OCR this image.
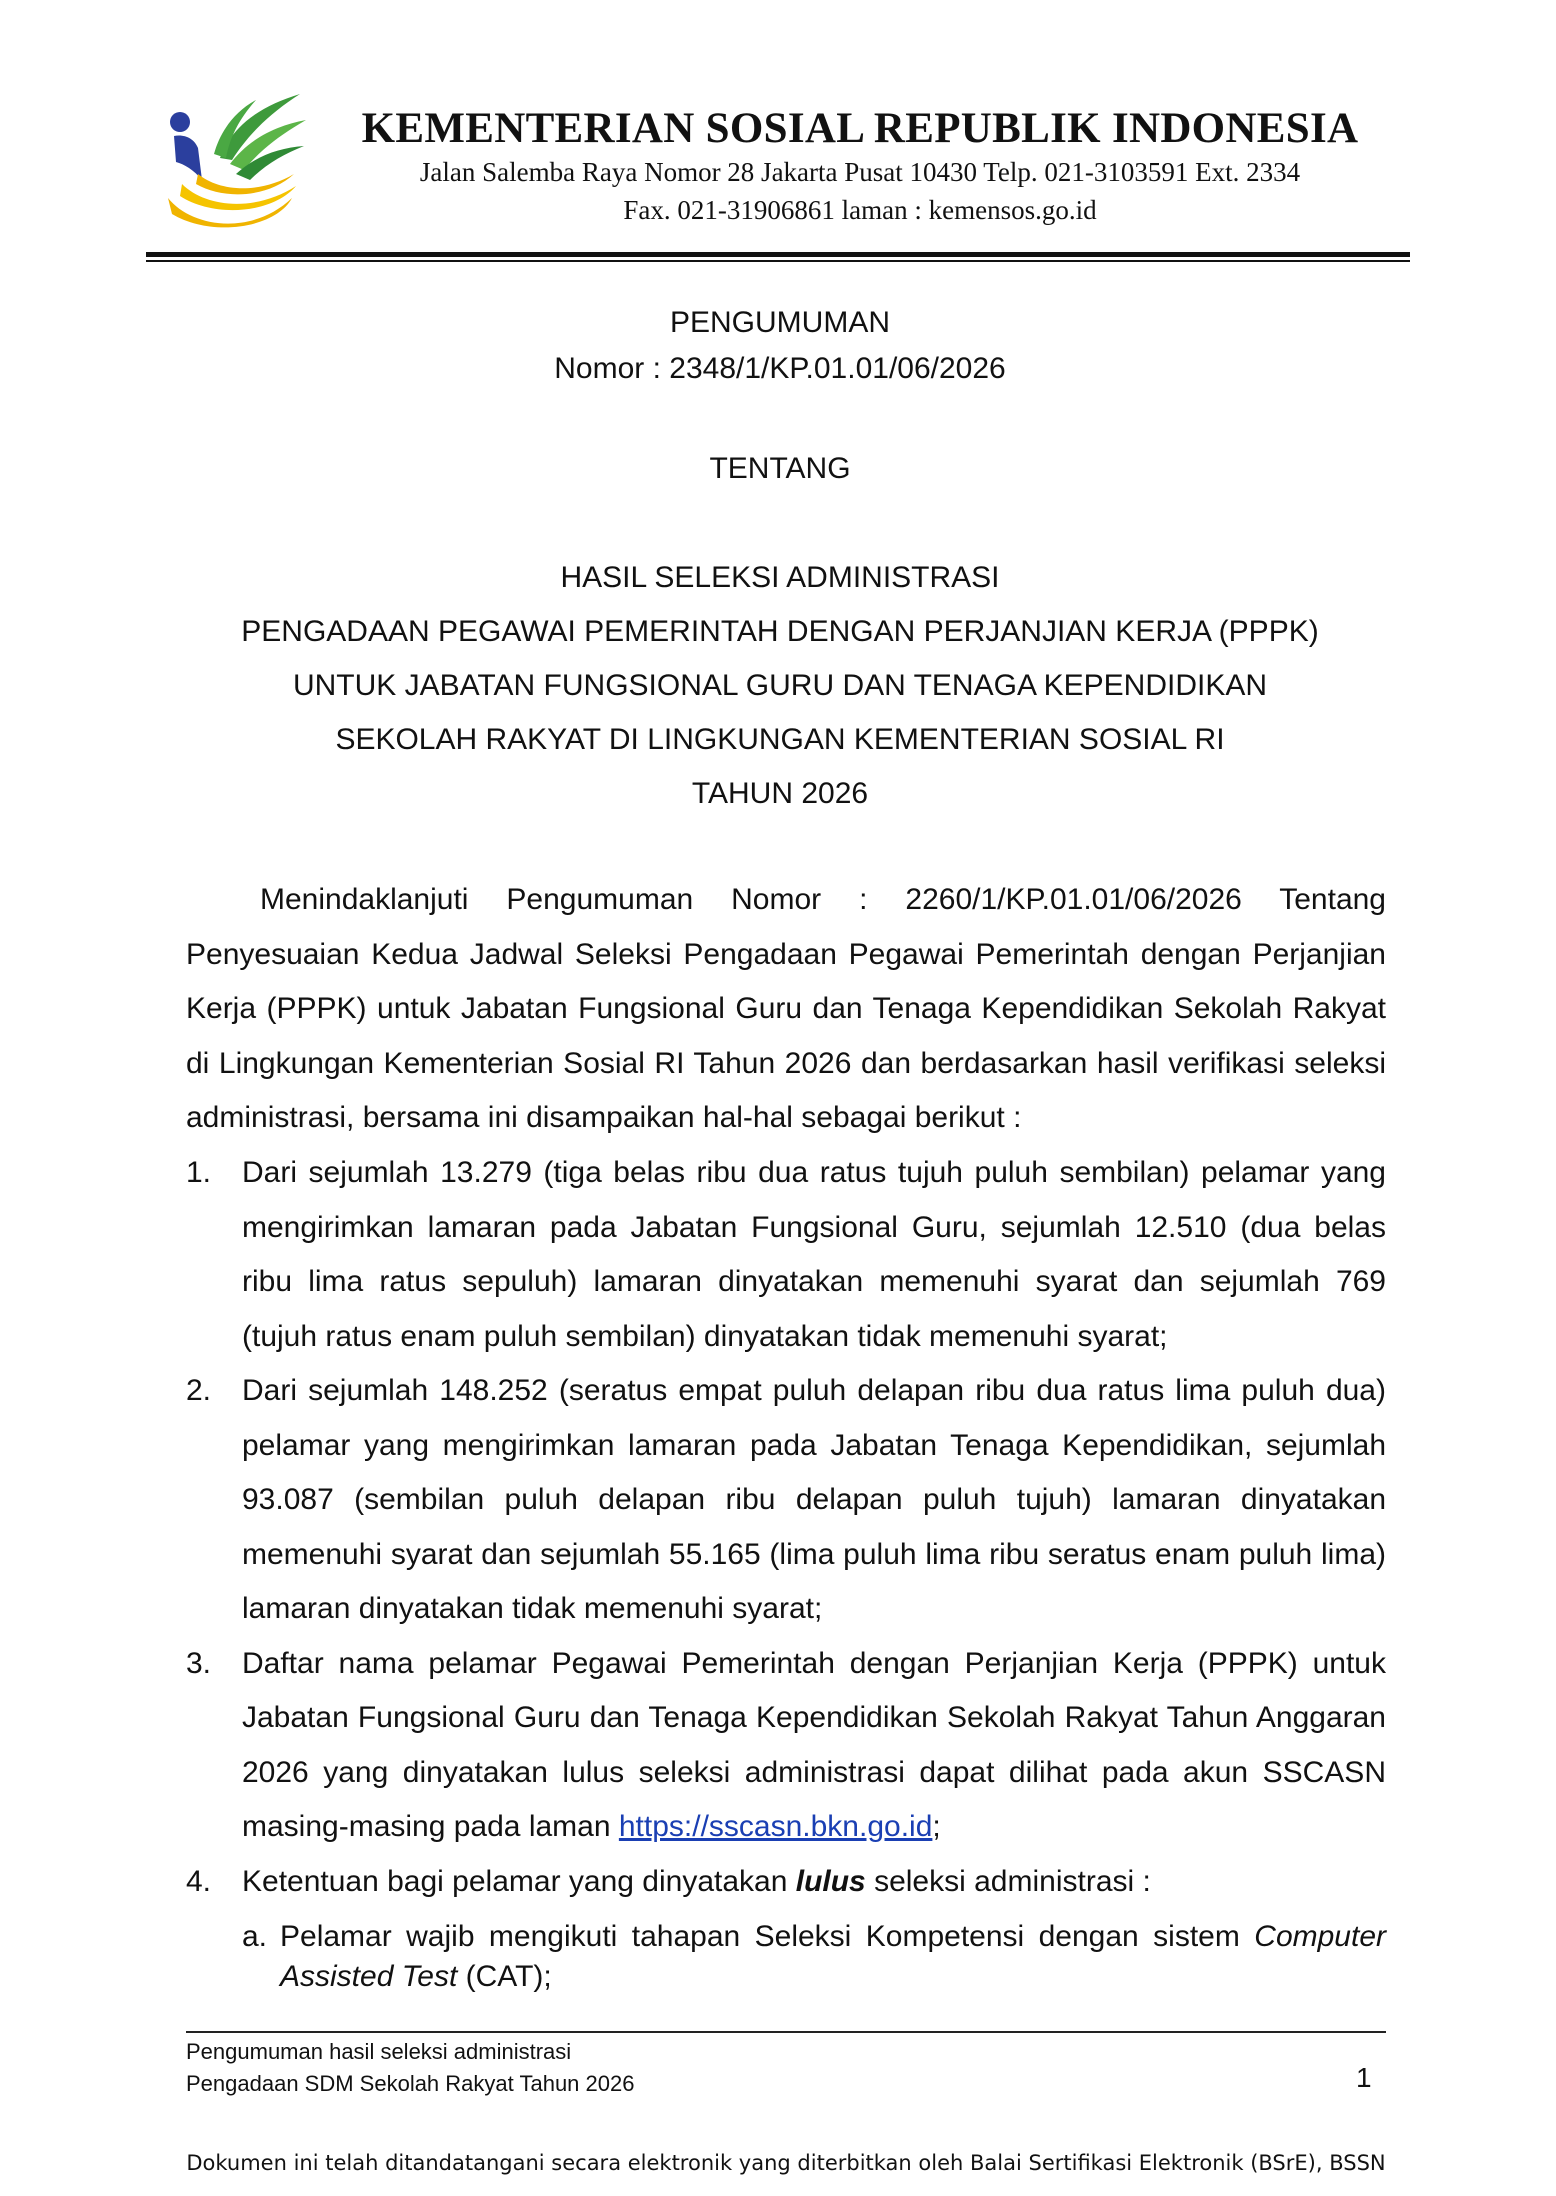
KEMENTERIAN SOSIAL REPUBLIK INDONESIA
Jalan Salemba Raya Nomor 28 Jakarta Pusat 10430 Telp. 021-3103591 Ext. 2334
Fax. 021-31906861 laman : kemensos.go.id
PENGUMUMAN
Nomor : 2348/1/KP.01.01/06/2026
TENTANG
HASIL SELEKSI ADMINISTRASI
PENGADAAN PEGAWAI PEMERINTAH DENGAN PERJANJIAN KERJA (PPPK)
UNTUK JABATAN FUNGSIONAL GURU DAN TENAGA KEPENDIDIKAN
SEKOLAH RAKYAT DI LINGKUNGAN KEMENTERIAN SOSIAL RI
TAHUN 2026

Menindaklanjuti Pengumuman Nomor : 2260/1/KP.01.01/06/2026 Tentang Penyesuaian Kedua Jadwal Seleksi Pengadaan Pegawai Pemerintah dengan Perjanjian Kerja (PPPK) untuk Jabatan Fungsional Guru dan Tenaga Kependidikan Sekolah Rakyat di Lingkungan Kementerian Sosial RI Tahun 2026 dan berdasarkan hasil verifikasi seleksi administrasi, bersama ini disampaikan hal-hal sebagai berikut :

1. Dari sejumlah 13.279 (tiga belas ribu dua ratus tujuh puluh sembilan) pelamar yang mengirimkan lamaran pada Jabatan Fungsional Guru, sejumlah 12.510 (dua belas ribu lima ratus sepuluh) lamaran dinyatakan memenuhi syarat dan sejumlah 769 (tujuh ratus enam puluh sembilan) dinyatakan tidak memenuhi syarat;
2. Dari sejumlah 148.252 (seratus empat puluh delapan ribu dua ratus lima puluh dua) pelamar yang mengirimkan lamaran pada Jabatan Tenaga Kependidikan, sejumlah 93.087 (sembilan puluh delapan ribu delapan puluh tujuh) lamaran dinyatakan memenuhi syarat dan sejumlah 55.165 (lima puluh lima ribu seratus enam puluh lima) lamaran dinyatakan tidak memenuhi syarat;
3. Daftar nama pelamar Pegawai Pemerintah dengan Perjanjian Kerja (PPPK) untuk Jabatan Fungsional Guru dan Tenaga Kependidikan Sekolah Rakyat Tahun Anggaran 2026 yang dinyatakan lulus seleksi administrasi dapat dilihat pada akun SSCASN masing-masing pada laman https://sscasn.bkn.go.id;
4. Ketentuan bagi pelamar yang dinyatakan lulus seleksi administrasi :
a. Pelamar wajib mengikuti tahapan Seleksi Kompetensi dengan sistem Computer Assisted Test (CAT);
Pengumuman hasil seleksi administrasi
Pengadaan SDM Sekolah Rakyat Tahun 2026	1
Dokumen ini telah ditandatangani secara elektronik yang diterbitkan oleh Balai Sertifikasi Elektronik (BSrE), BSSN
